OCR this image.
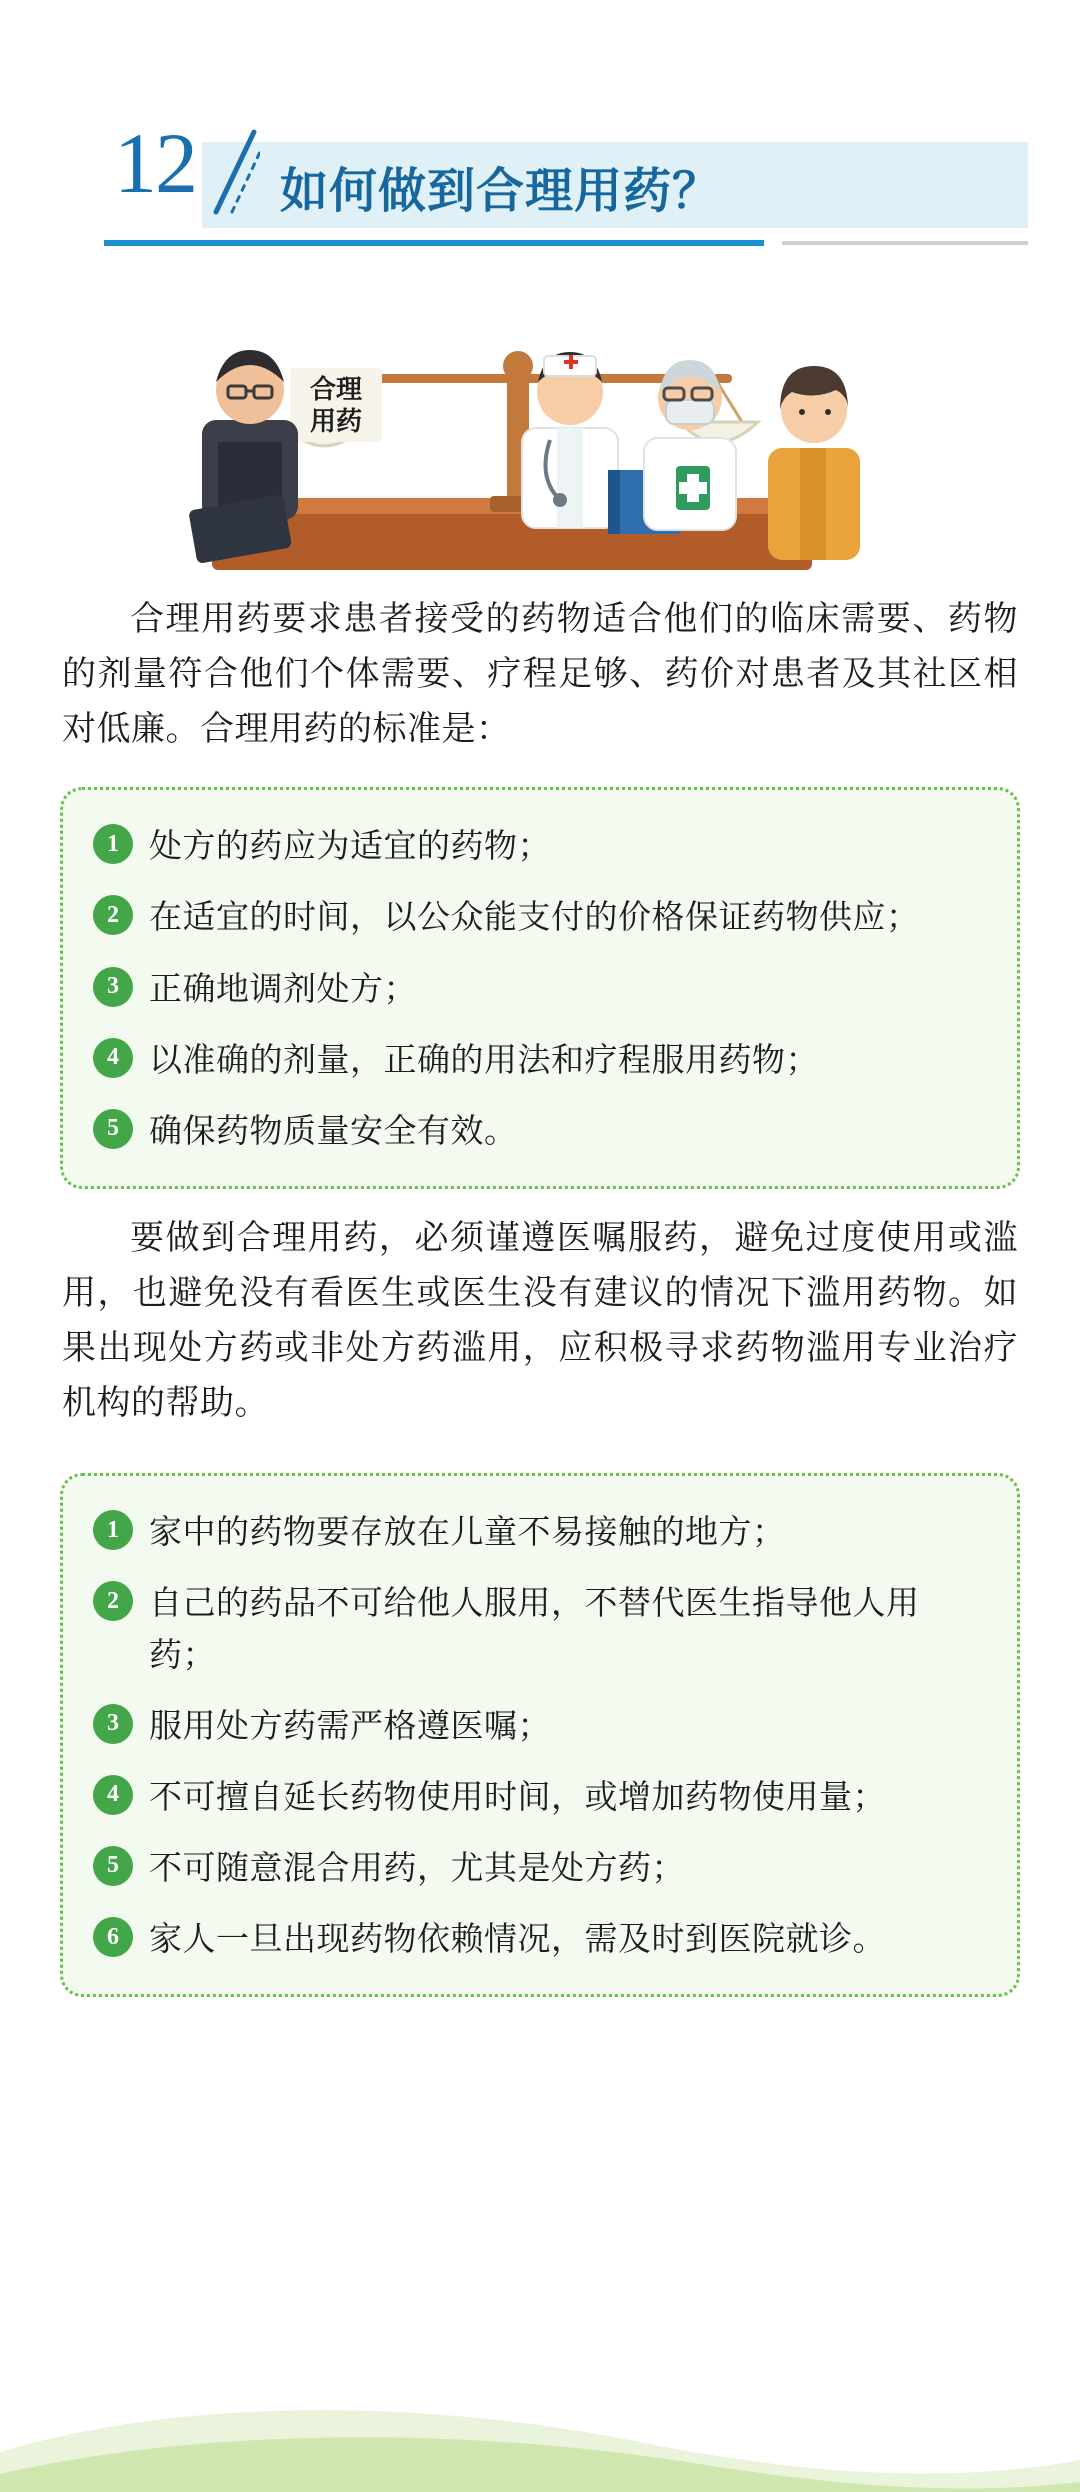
12 如何做到合理用药？
合理
用药

合理用药要求患者接受的药物适合他们的临床需要、药物的剂量符合他们个体需要、疗程足够、药价对患者及其社区相对低廉。合理用药的标准是：

1 处方的药应为适宜的药物；
2 在适宜的时间，以公众能支付的价格保证药物供应；
3 正确地调剂处方；
4 以准确的剂量，正确的用法和疗程服用药物；
5 确保药物质量安全有效。

要做到合理用药，必须谨遵医嘱服药，避免过度使用或滥用，也避免没有看医生或医生没有建议的情况下滥用药物。如果出现处方药或非处方药滥用，应积极寻求药物滥用专业治疗机构的帮助。

1 家中的药物要存放在儿童不易接触的地方；
2 自己的药品不可给他人服用，不替代医生指导他人用药；
3 服用处方药需严格遵医嘱；
4 不可擅自延长药物使用时间，或增加药物使用量；
5 不可随意混合用药，尤其是处方药；
6 家人一旦出现药物依赖情况，需及时到医院就诊。
